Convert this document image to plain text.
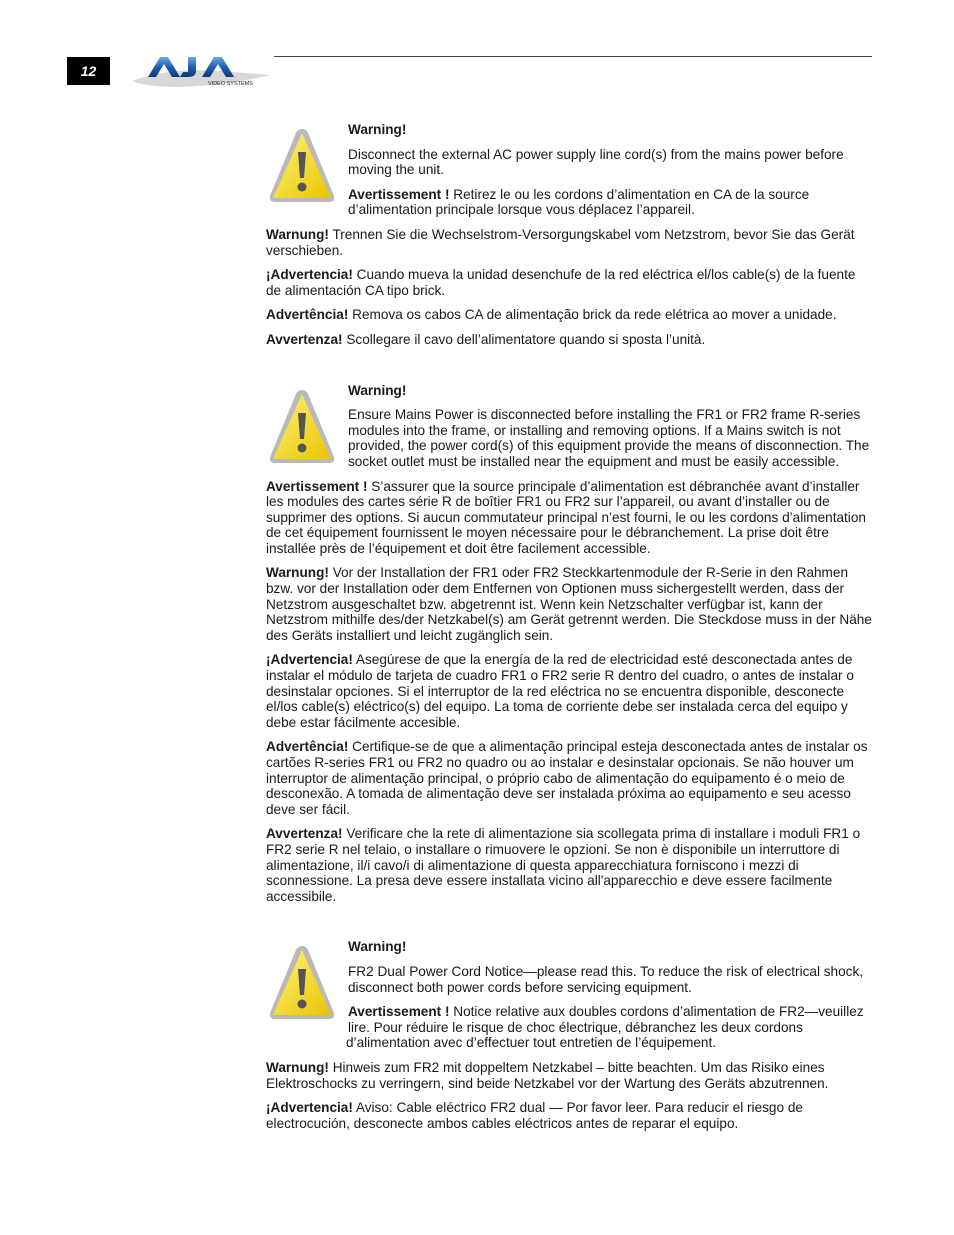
12
VIDEO SYSTEMS

Warning!

Disconnect the external AC power supply line cord(s) from the mains power before moving the unit.

Avertissement ! Retirez le ou les cordons d’alimentation en CA de la source d’alimentation principale lorsque vous déplacez l’appareil.

Warnung! Trennen Sie die Wechselstrom-Versorgungskabel vom Netzstrom, bevor Sie das Gerät verschieben.

¡Advertencia! Cuando mueva la unidad desenchufe de la red eléctrica el/los cable(s) de la fuente de alimentación CA tipo brick.

Advertência! Remova os cabos CA de alimentação brick da rede elétrica ao mover a unidade.

Avvertenza! Scollegare il cavo dell’alimentatore quando si sposta l’unità.

Warning!

Ensure Mains Power is disconnected before installing the FR1 or FR2 frame R-series modules into the frame, or installing and removing options. If a Mains switch is not provided, the power cord(s) of this equipment provide the means of disconnection. The socket outlet must be installed near the equipment and must be easily accessible.

Avertissement ! S’assurer que la source principale d’alimentation est débranchée avant d’installer les modules des cartes série R de boîtier FR1 ou FR2 sur l’appareil, ou avant d’installer ou de supprimer des options. Si aucun commutateur principal n’est fourni, le ou les cordons d’alimentation de cet équipement fournissent le moyen nécessaire pour le débranchement. La prise doit être installée près de l’équipement et doit être facilement accessible.

Warnung! Vor der Installation der FR1 oder FR2 Steckkartenmodule der R-Serie in den Rahmen bzw. vor der Installation oder dem Entfernen von Optionen muss sichergestellt werden, dass der Netzstrom ausgeschaltet bzw. abgetrennt ist. Wenn kein Netzschalter verfügbar ist, kann der Netzstrom mithilfe des/der Netzkabel(s) am Gerät getrennt werden. Die Steckdose muss in der Nähe des Geräts installiert und leicht zugänglich sein.

¡Advertencia! Asegúrese de que la energía de la red de electricidad esté desconectada antes de instalar el módulo de tarjeta de cuadro FR1 o FR2 serie R dentro del cuadro, o antes de instalar o desinstalar opciones. Si el interruptor de la red eléctrica no se encuentra disponible, desconecte el/los cable(s) eléctrico(s) del equipo. La toma de corriente debe ser instalada cerca del equipo y debe estar fácilmente accesible.

Advertência! Certifique-se de que a alimentação principal esteja desconectada antes de instalar os cartões R-series FR1 ou FR2 no quadro ou ao instalar e desinstalar opcionais. Se não houver um interruptor de alimentação principal, o próprio cabo de alimentação do equipamento é o meio de desconexão. A tomada de alimentação deve ser instalada próxima ao equipamento e seu acesso deve ser fácil.

Avvertenza! Verificare che la rete di alimentazione sia scollegata prima di installare i moduli FR1 o FR2 serie R nel telaio, o installare o rimuovere le opzioni. Se non è disponibile un interruttore di alimentazione, il/i cavo/i di alimentazione di questa apparecchiatura forniscono i mezzi di sconnessione. La presa deve essere installata vicino all'apparecchio e deve essere facilmente accessibile.

Warning!

FR2 Dual Power Cord Notice—please read this. To reduce the risk of electrical shock, disconnect both power cords before servicing equipment.

Avertissement ! Notice relative aux doubles cordons d’alimentation de FR2—veuillez lire. Pour réduire le risque de choc électrique, débranchez les deux cordons d’alimentation avec d’effectuer tout entretien de l’équipement.

Warnung! Hinweis zum FR2 mit doppeltem Netzkabel – bitte beachten. Um das Risiko eines Elektroschocks zu verringern, sind beide Netzkabel vor der Wartung des Geräts abzutrennen.

¡Advertencia! Aviso: Cable eléctrico FR2 dual — Por favor leer. Para reducir el riesgo de electrocución, desconecte ambos cables eléctricos antes de reparar el equipo.
